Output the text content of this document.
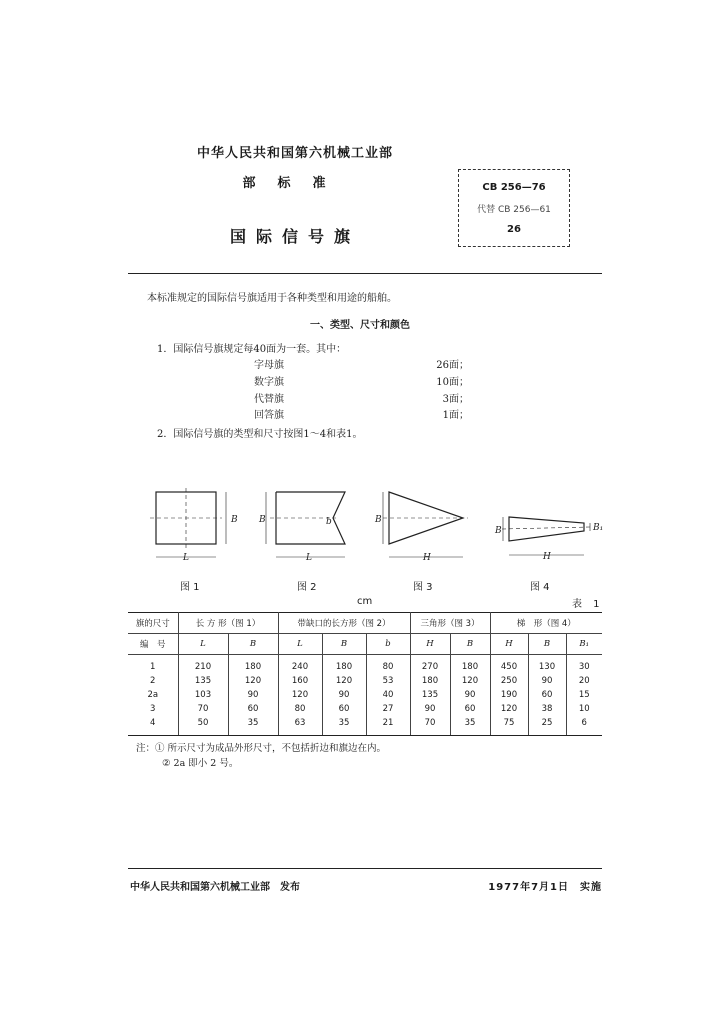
中华人民共和国第六机械工业部
部标准
国际信号旗
CB 256—76
代替 CB 256—61
26
本标准规定的国际信号旗适用于各种类型和用途的船舶。
一、类型、尺寸和颜色
1．国际信号旗规定每40面为一套。其中：
字母旗	26面；
数字旗	10面；
代替旗	3面；
回答旗	1面；
2．国际信号旗的类型和尺寸按图1～4和表1。
B
L
B	b
L
B
H
B	B₁
H
图 1	图 2	图 3	图 4
cm	表 1
旗的尺寸	长 方 形（图 1）		带缺口的长方形（图 2）			三角形（图 3）		梯　形（图 4）		
编　号	L	B	L	B	b	H	B	H	B	B₁
1	210	180	240	180	80	270	180	450	130	30
2	135	120	160	120	53	180	120	250	90	20
2a	103	90	120	90	40	135	90	190	60	15
3	70	60	80	60	27	90	60	120	38	10
4	50	35	63	35	21	70	35	75	25	6
注：① 所示尺寸为成品外形尺寸，不包括折边和旗边在内。
② 2a 即小 2 号。
中华人民共和国第六机械工业部　发布	1977年7月1日　实施
